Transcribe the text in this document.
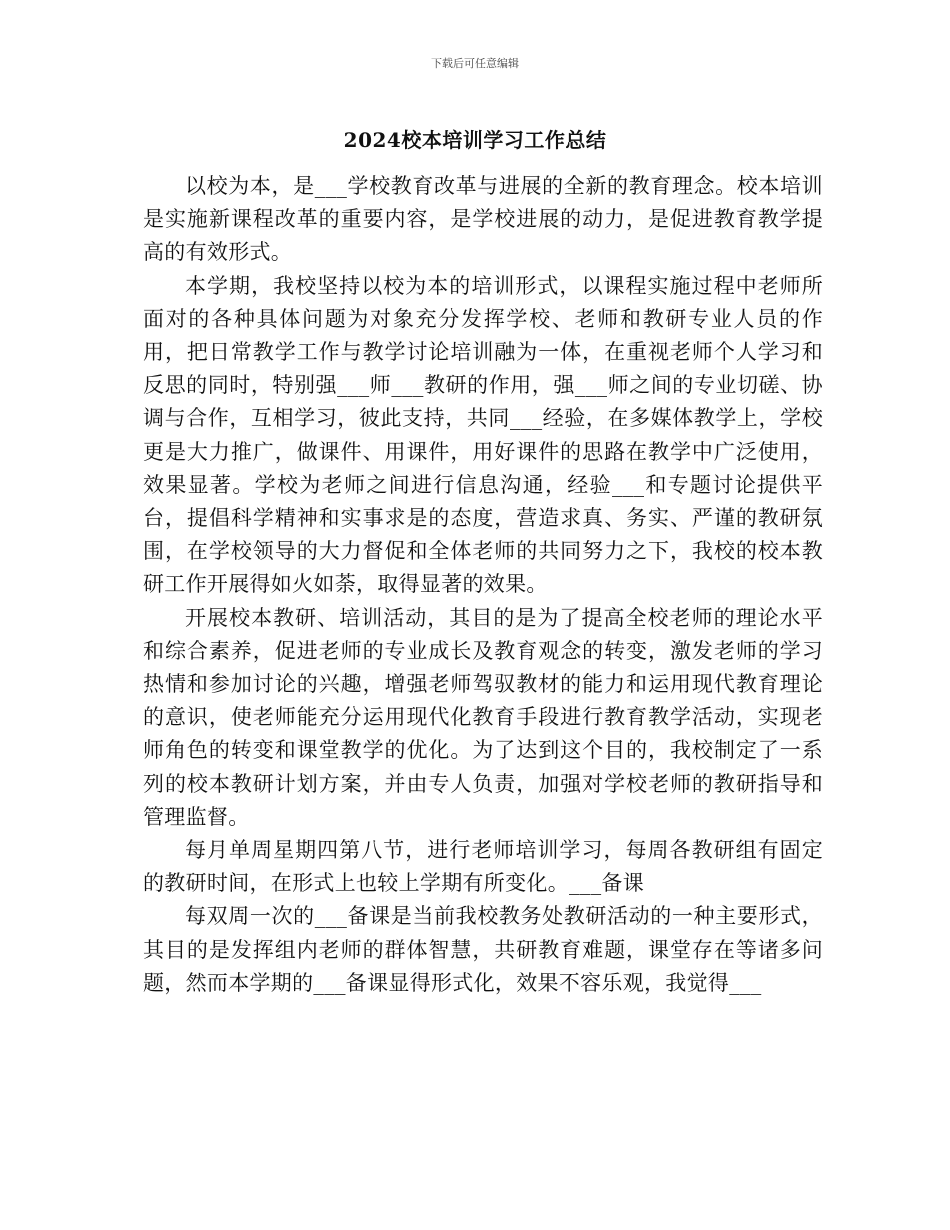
下载后可任意编辑
2024校本培训学习工作总结

以校为本，是___学校教育改革与进展的全新的教育理念。校本培训是实施新课程改革的重要内容，是学校进展的动力，是促进教育教学提高的有效形式。

本学期，我校坚持以校为本的培训形式，以课程实施过程中老师所面对的各种具体问题为对象充分发挥学校、老师和教研专业人员的作用，把日常教学工作与教学讨论培训融为一体，在重视老师个人学习和反思的同时，特别强___师___教研的作用，强___师之间的专业切磋、协调与合作，互相学习，彼此支持，共同___经验，在多媒体教学上，学校更是大力推广，做课件、用课件，用好课件的思路在教学中广泛使用，效果显著。学校为老师之间进行信息沟通，经验___和专题讨论提供平台，提倡科学精神和实事求是的态度，营造求真、务实、严谨的教研氛围，在学校领导的大力督促和全体老师的共同努力之下，我校的校本教研工作开展得如火如荼，取得显著的效果。

开展校本教研、培训活动，其目的是为了提高全校老师的理论水平和综合素养，促进老师的专业成长及教育观念的转变，激发老师的学习热情和参加讨论的兴趣，增强老师驾驭教材的能力和运用现代教育理论的意识，使老师能充分运用现代化教育手段进行教育教学活动，实现老师角色的转变和课堂教学的优化。为了达到这个目的，我校制定了一系列的校本教研计划方案，并由专人负责，加强对学校老师的教研指导和管理监督。

每月单周星期四第八节，进行老师培训学习，每周各教研组有固定的教研时间，在形式上也较上学期有所变化。___备课

每双周一次的___备课是当前我校教务处教研活动的一种主要形式，其目的是发挥组内老师的群体智慧，共研教育难题，课堂存在等诸多问题，然而本学期的___备课显得形式化，效果不容乐观，我觉得___
